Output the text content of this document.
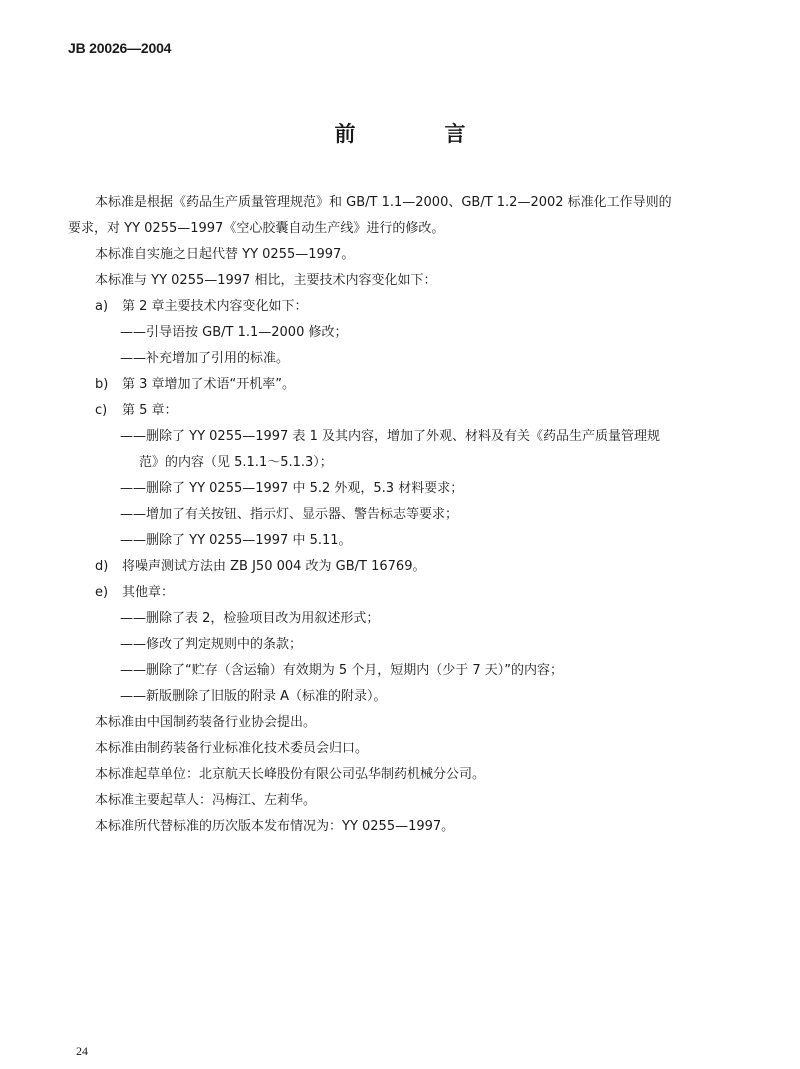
JB 20026—2004
前　言
本标准是根据《药品生产质量管理规范》和 GB/T 1.1—2000、GB/T 1.2—2002 标准化工作导则的
要求，对 YY 0255—1997《空心胶囊自动生产线》进行的修改。
本标准自实施之日起代替 YY 0255—1997。
本标准与 YY 0255—1997 相比，主要技术内容变化如下：
a) 第 2 章主要技术内容变化如下：
——引导语按 GB/T 1.1—2000 修改；
——补充增加了引用的标准。
b) 第 3 章增加了术语“开机率”。
c) 第 5 章：
——删除了 YY 0255—1997 表 1 及其内容，增加了外观、材料及有关《药品生产质量管理规
范》的内容（见 5.1.1～5.1.3）；
——删除了 YY 0255—1997 中 5.2 外观，5.3 材料要求；
——增加了有关按钮、指示灯、显示器、警告标志等要求；
——删除了 YY 0255—1997 中 5.11。
d) 将噪声测试方法由 ZB J50 004 改为 GB/T 16769。
e) 其他章：
——删除了表 2，检验项目改为用叙述形式；
——修改了判定规则中的条款；
——删除了“贮存（含运输）有效期为 5 个月，短期内（少于 7 天）”的内容；
——新版删除了旧版的附录 A（标准的附录）。
本标准由中国制药装备行业协会提出。
本标准由制药装备行业标准化技术委员会归口。
本标准起草单位：北京航天长峰股份有限公司弘华制药机械分公司。
本标准主要起草人：冯梅江、左莉华。
本标准所代替标准的历次版本发布情况为：YY 0255—1997。
24
